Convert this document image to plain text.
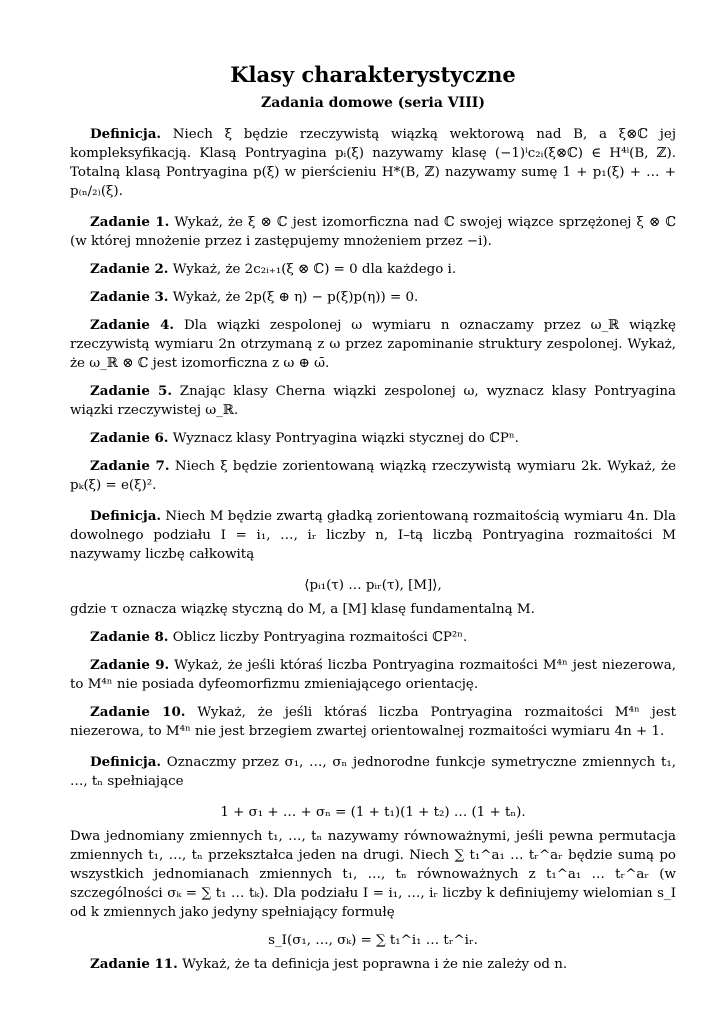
Klasy charakterystyczne
Zadania domowe (seria VIII)

Definicja. Niech ξ będzie rzeczywistą wiązką wektorową nad B, a ξ⊗ℂ jej kompleksyfikacją. Klasą Pontryagina pᵢ(ξ) nazywamy klasę (−1)ⁱc₂ᵢ(ξ⊗ℂ) ∈ H⁴ⁱ(B, ℤ). Totalną klasą Pontryagina p(ξ) w pierścieniu H*(B, ℤ) nazywamy sumę 1 + p₁(ξ) + … + p₍ₙ/₂₎(ξ).

Zadanie 1. Wykaż, że ξ ⊗ ℂ jest izomorficzna nad ℂ swojej wiązce sprzężonej ξ ⊗ ℂ (w której mnożenie przez i zastępujemy mnożeniem przez −i).

Zadanie 2. Wykaż, że 2c₂ᵢ₊₁(ξ ⊗ ℂ) = 0 dla każdego i.

Zadanie 3. Wykaż, że 2p(ξ ⊕ η) − p(ξ)p(η)) = 0.

Zadanie 4. Dla wiązki zespolonej ω wymiaru n oznaczamy przez ω_ℝ wiązkę rzeczywistą wymiaru 2n otrzymaną z ω przez zapominanie struktury zespolonej. Wykaż, że ω_ℝ ⊗ ℂ jest izomorficzna z ω ⊕ ω̄.

Zadanie 5. Znając klasy Cherna wiązki zespolonej ω, wyznacz klasy Pontryagina wiązki rzeczywistej ω_ℝ.

Zadanie 6. Wyznacz klasy Pontryagina wiązki stycznej do ℂPⁿ.

Zadanie 7. Niech ξ będzie zorientowaną wiązką rzeczywistą wymiaru 2k. Wykaż, że pₖ(ξ) = e(ξ)².

Definicja. Niech M będzie zwartą gładką zorientowaną rozmaitością wymiaru 4n. Dla dowolnego podziału I = i₁, …, iᵣ liczby n, I–tą liczbą Pontryagina rozmaitości M nazywamy liczbę całkowitą

⟨pᵢ₁(τ) … pᵢᵣ(τ), [M]⟩,

gdzie τ oznacza wiązkę styczną do M, a [M] klasę fundamentalną M.

Zadanie 8. Oblicz liczby Pontryagina rozmaitości ℂP²ⁿ.

Zadanie 9. Wykaż, że jeśli któraś liczba Pontryagina rozmaitości M⁴ⁿ jest niezerowa, to M⁴ⁿ nie posiada dyfeomorfizmu zmieniającego orientację.

Zadanie 10. Wykaż, że jeśli któraś liczba Pontryagina rozmaitości M⁴ⁿ jest niezerowa, to M⁴ⁿ nie jest brzegiem zwartej orientowalnej rozmaitości wymiaru 4n + 1.

Definicja. Oznaczmy przez σ₁, …, σₙ jednorodne funkcje symetryczne zmiennych t₁, …, tₙ spełniające

1 + σ₁ + … + σₙ = (1 + t₁)(1 + t₂) … (1 + tₙ).

Dwa jednomiany zmiennych t₁, …, tₙ nazywamy równoważnymi, jeśli pewna permutacja zmiennych t₁, …, tₙ przekształca jeden na drugi. Niech ∑ t₁^a₁ … tᵣ^aᵣ będzie sumą po wszystkich jednomianach zmiennych t₁, …, tₙ równoważnych z t₁^a₁ … tᵣ^aᵣ (w szczególności σₖ = ∑ t₁ … tₖ). Dla podziału I = i₁, …, iᵣ liczby k definiujemy wielomian s_I od k zmiennych jako jedyny spełniający formułę

s_I(σ₁, …, σₖ) = ∑ t₁^i₁ … tᵣ^iᵣ.

Zadanie 11. Wykaż, że ta definicja jest poprawna i że nie zależy od n.
